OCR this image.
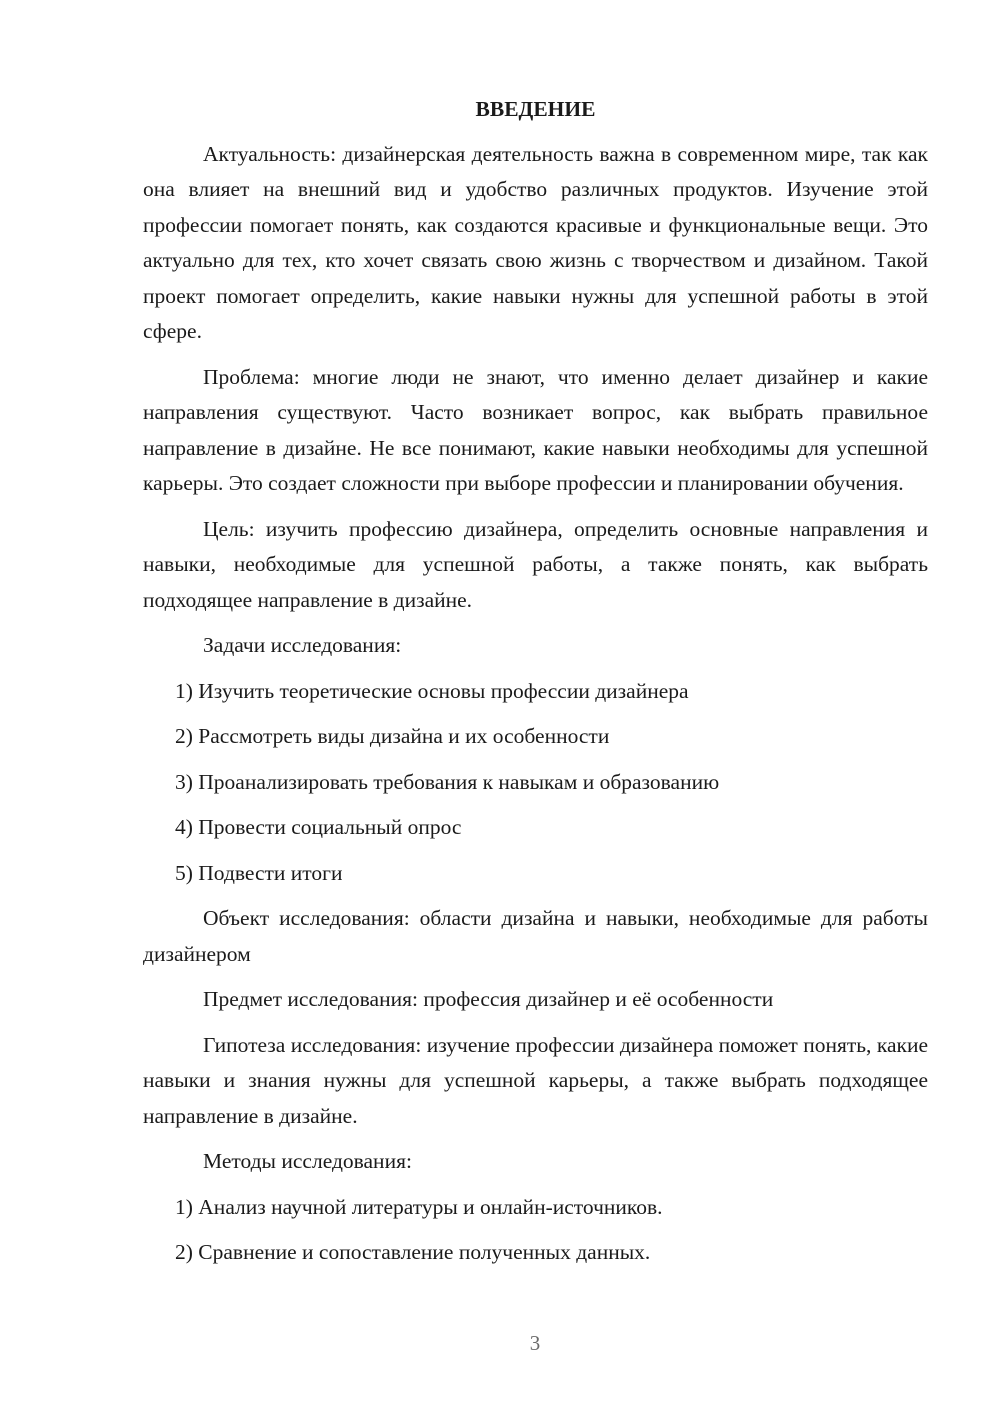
ВВЕДЕНИЕ

Актуальность: дизайнерская деятельность важна в современном мире, так как она влияет на внешний вид и удобство различных продуктов. Изучение этой профессии помогает понять, как создаются красивые и функциональные вещи. Это актуально для тех, кто хочет связать свою жизнь с творчеством и дизайном. Такой проект помогает определить, какие навыки нужны для успешной работы в этой сфере.

Проблема: многие люди не знают, что именно делает дизайнер и какие направления существуют. Часто возникает вопрос, как выбрать правильное направление в дизайне. Не все понимают, какие навыки необходимы для успешной карьеры. Это создает сложности при выборе профессии и планировании обучения.

Цель: изучить профессию дизайнера, определить основные направления и навыки, необходимые для успешной работы, а также понять, как выбрать подходящее направление в дизайне.

Задачи исследования:

1) Изучить теоретические основы профессии дизайнера
2) Рассмотреть виды дизайна и их особенности
3) Проанализировать требования к навыкам и образованию
4) Провести социальный опрос
5) Подвести итоги

Объект исследования: области дизайна и навыки, необходимые для работы дизайнером

Предмет исследования: профессия дизайнер и её особенности

Гипотеза исследования: изучение профессии дизайнера поможет понять, какие навыки и знания нужны для успешной карьеры, а также выбрать подходящее направление в дизайне.

Методы исследования:

1) Анализ научной литературы и онлайн-источников.
2) Сравнение и сопоставление полученных данных.
3
